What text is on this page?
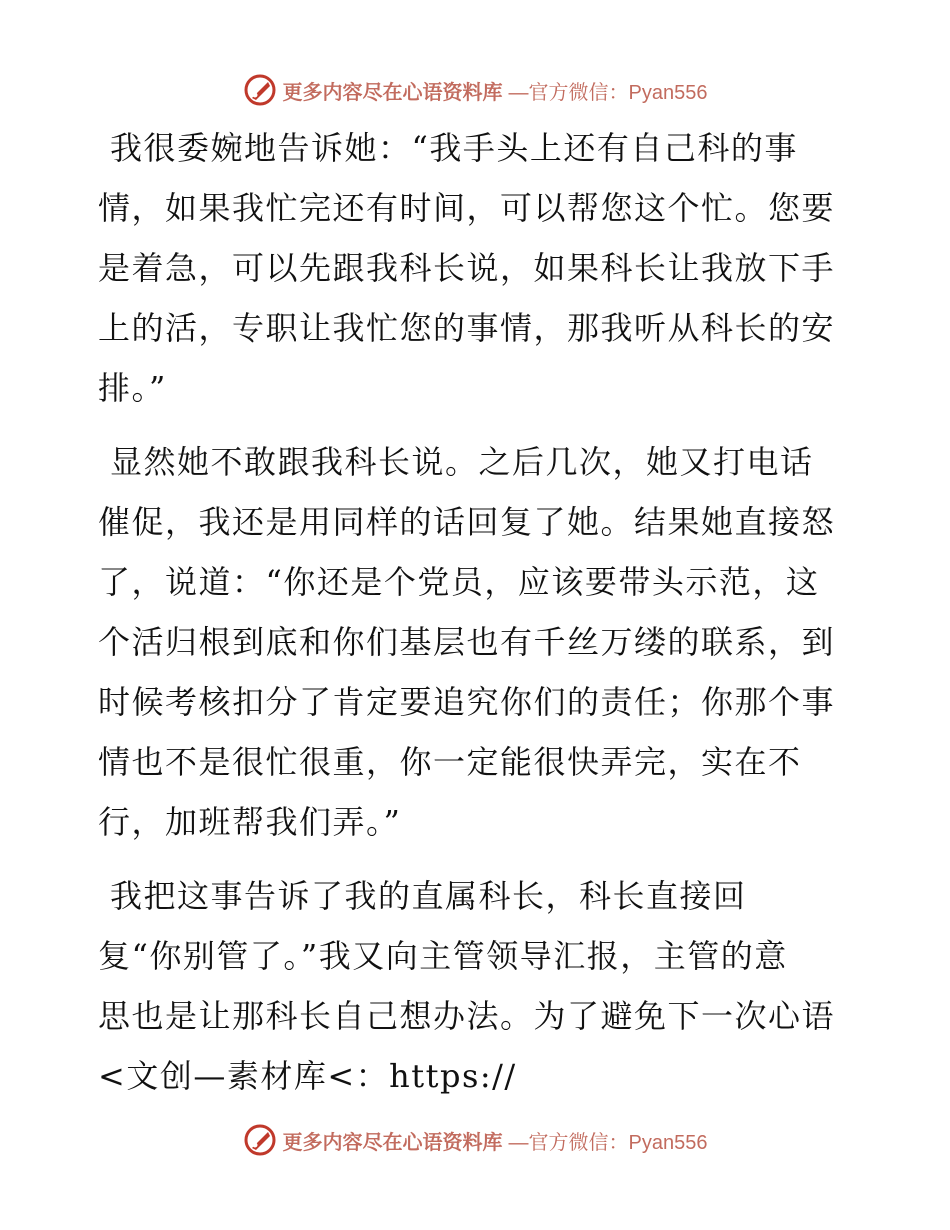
更多内容尽在心语资料库 —官方微信：Pyan556

我很委婉地告诉她：“我手头上还有自己科的事
情，如果我忙完还有时间，可以帮您这个忙。您要
是着急，可以先跟我科长说，如果科长让我放下手
上的活，专职让我忙您的事情，那我听从科长的安
排。”

显然她不敢跟我科长说。之后几次，她又打电话
催促，我还是用同样的话回复了她。结果她直接怒
了，说道：“你还是个党员，应该要带头示范，这
个活归根到底和你们基层也有千丝万缕的联系，到
时候考核扣分了肯定要追究你们的责任；你那个事
情也不是很忙很重，你一定能很快弄完，实在不
行，加班帮我们弄。”

我把这事告诉了我的直属科长，科长直接回
复“你别管了。”我又向主管领导汇报，主管的意
思也是让那科长自己想办法。为了避免下一次心语
<文创—素材库<：https://

更多内容尽在心语资料库 —官方微信：Pyan556
